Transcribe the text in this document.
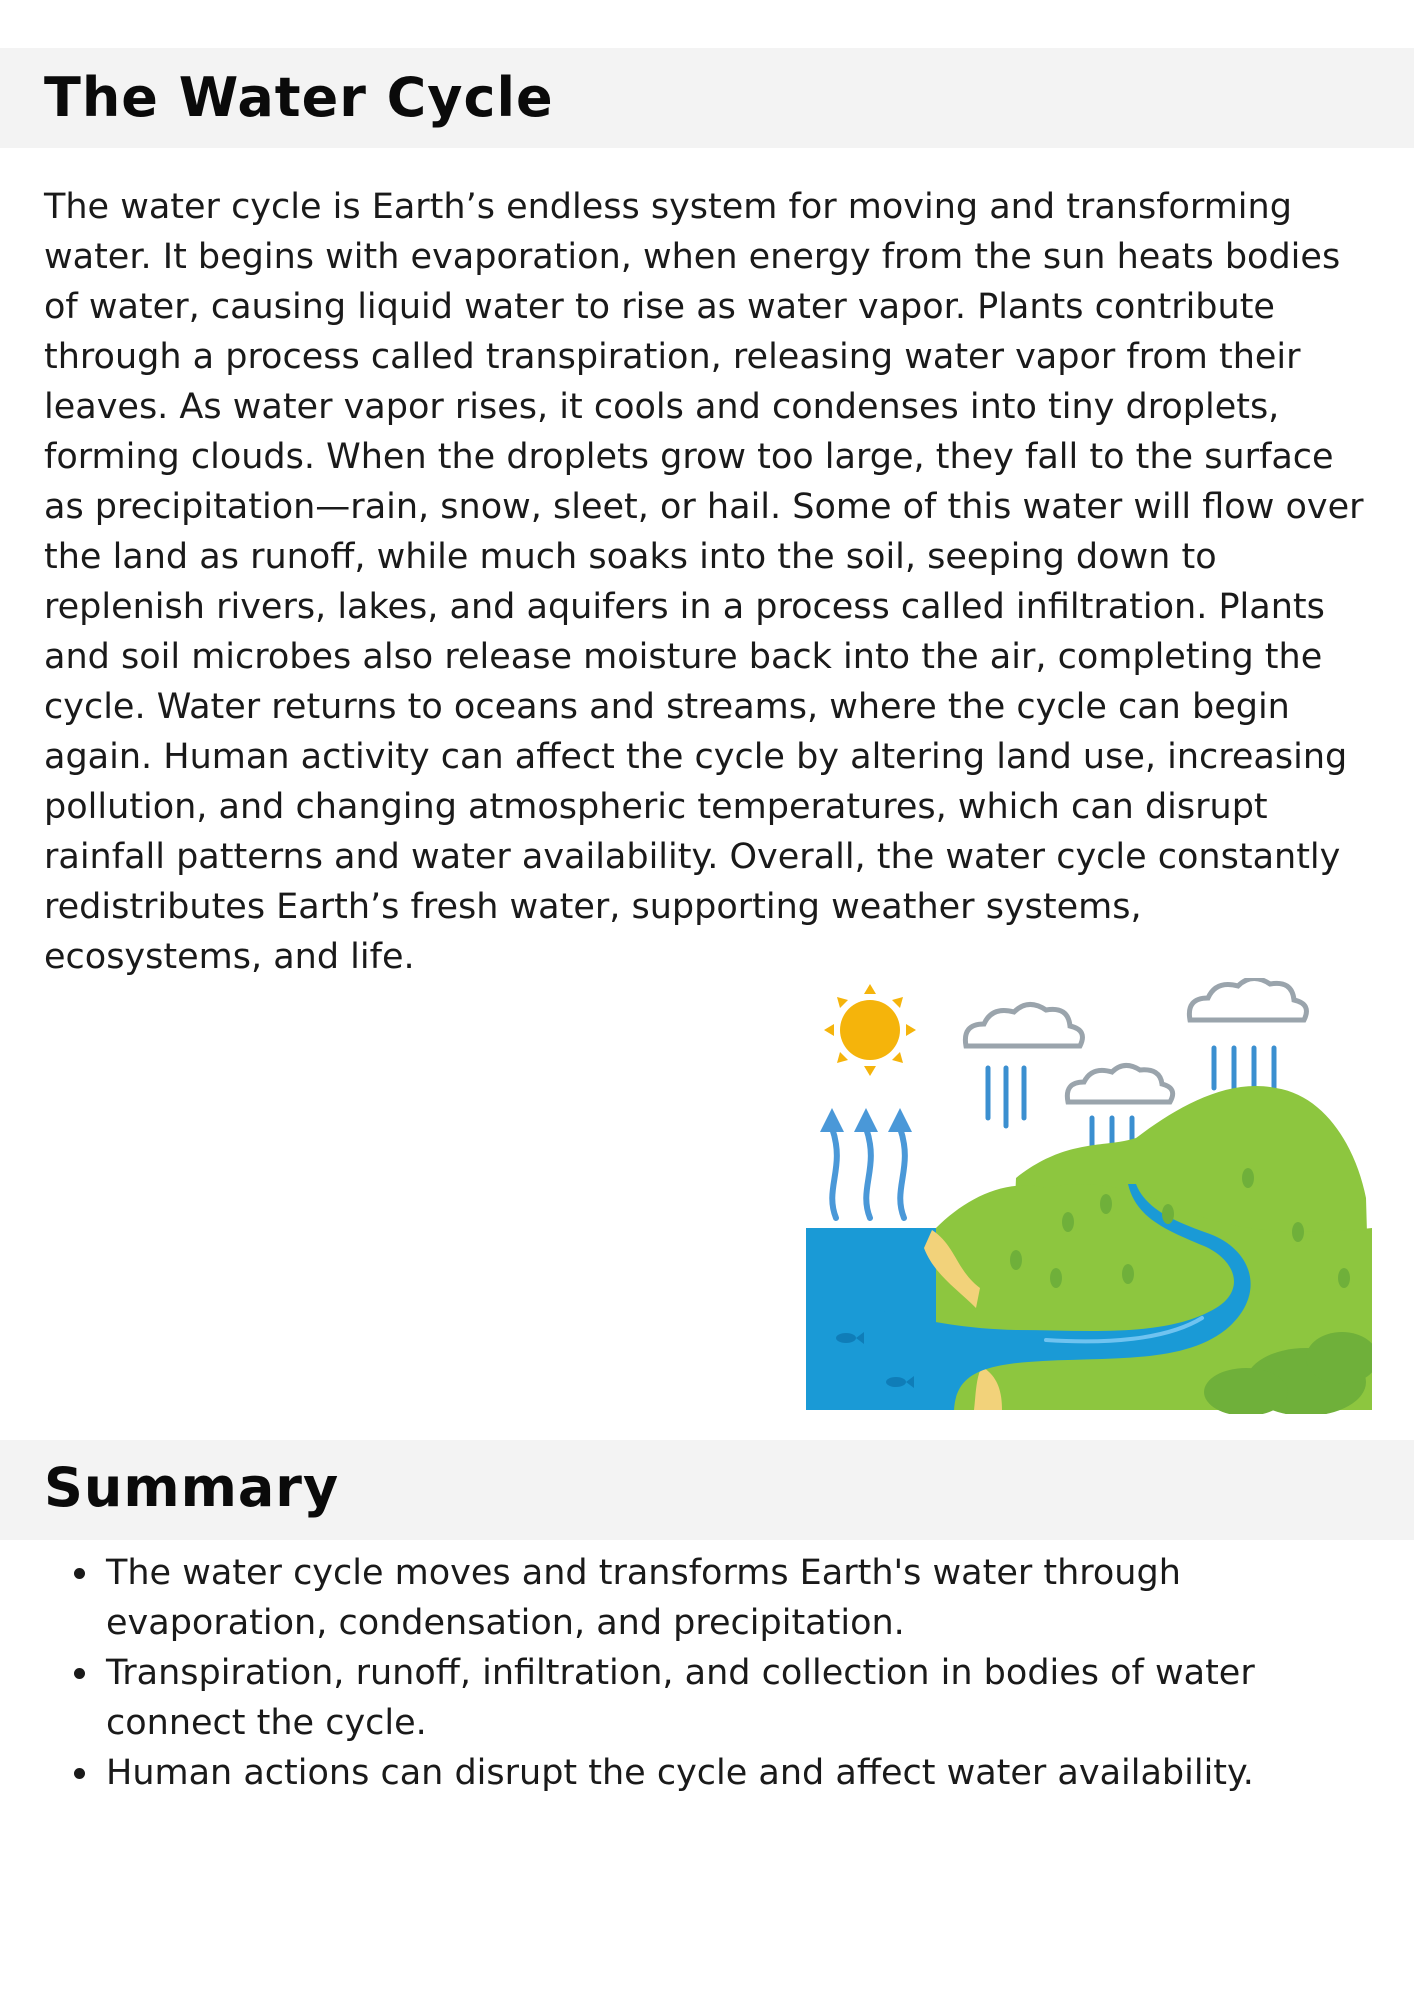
The Water Cycle

The water cycle is Earth’s endless system for moving and transforming
water. It begins with evaporation, when energy from the sun heats bodies
of water, causing liquid water to rise as water vapor. Plants contribute
through a process called transpiration, releasing water vapor from their
leaves. As water vapor rises, it cools and condenses into tiny droplets,
forming clouds. When the droplets grow too large, they fall to the surface
as precipitation—rain, snow, sleet, or hail. Some of this water will flow over
the land as runoff, while much soaks into the soil, seeping down to
replenish rivers, lakes, and aquifers in a process called infiltration. Plants
and soil microbes also release moisture back into the air, completing the
cycle. Water returns to oceans and streams, where the cycle can begin
again. Human activity can affect the cycle by altering land use, increasing
pollution, and changing atmospheric temperatures, which can disrupt
rainfall patterns and water availability. Overall, the water cycle constantly
redistributes Earth’s fresh water, supporting weather systems,
ecosystems, and life.

Summary
The water cycle moves and transforms Earth's water through
evaporation, condensation, and precipitation.
Transpiration, runoff, infiltration, and collection in bodies of water
connect the cycle.
Human actions can disrupt the cycle and affect water availability.
